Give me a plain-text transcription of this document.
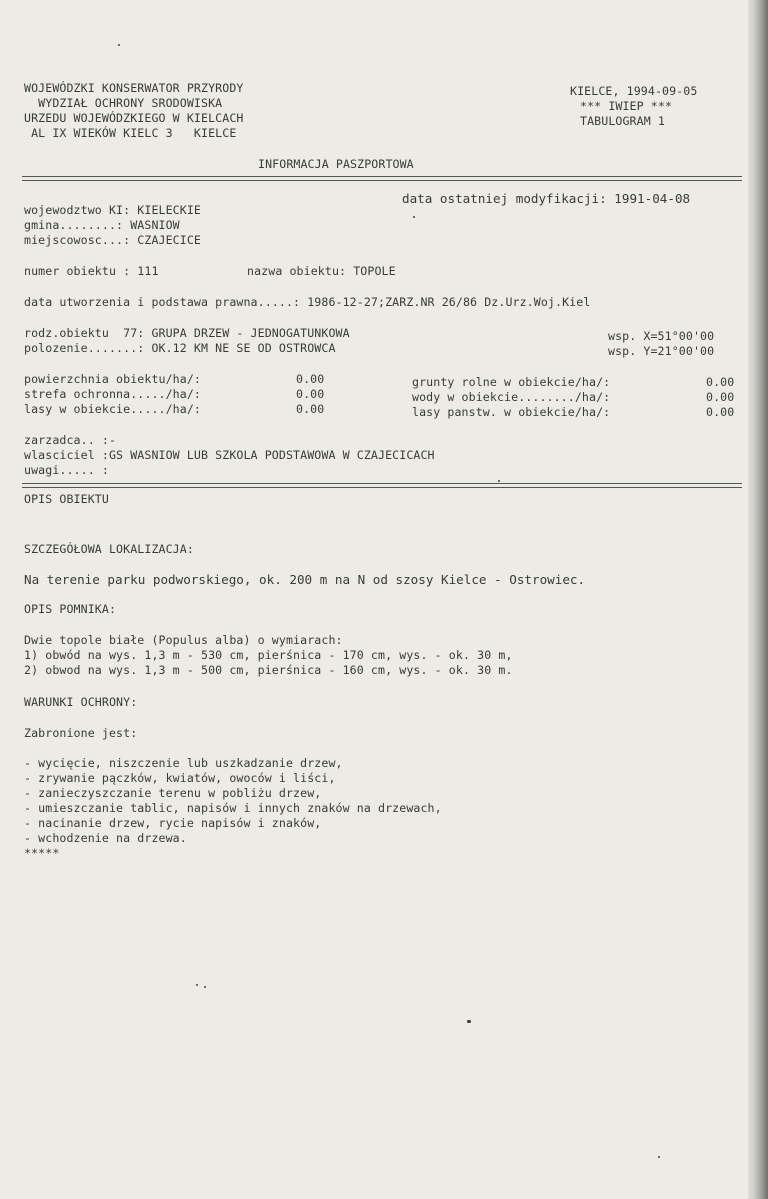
WOJEWÓDZKI KONSERWATOR PRZYRODY
WYDZIAŁ OCHRONY SRODOWISKA
URZEDU WOJEWÓDZKIEGO W KIELCACH
AL IX WIEKÓW KIELC 3   KIELCE
KIELCE, 1994-09-05
*** IWIEP ***
TABULOGRAM 1
INFORMACJA PASZPORTOWA
data ostatniej modyfikacji: 1991-04-08
wojewodztwo KI: KIELECKIE
gmina........: WASNIOW
miejscowosc...: CZAJECICE
numer obiektu : 111	nazwa obiektu: TOPOLE
data utworzenia i podstawa prawna.....: 1986-12-27;ZARZ.NR 26/86 Dz.Urz.Woj.Kiel
rodz.obiektu  77: GRUPA DRZEW - JEDNOGATUNKOWA
polozenie.......: OK.12 KM NE SE OD OSTROWCA
wsp. X=51°00'00
wsp. Y=21°00'00
powierzchnia obiektu/ha/:	0.00
strefa ochronna...../ha/:	0.00
lasy w obiekcie...../ha/:	0.00
grunty rolne w obiekcie/ha/:	0.00
wody w obiekcie......../ha/:	0.00
lasy panstw. w obiekcie/ha/:	0.00
zarzadca.. :-
wlasciciel :GS WASNIOW LUB SZKOLA PODSTAWOWA W CZAJECICACH
uwagi..... :
OPIS OBIEKTU
SZCZEGÓŁOWA LOKALIZACJA:
Na terenie parku podworskiego, ok. 200 m na N od szosy Kielce - Ostrowiec.
OPIS POMNIKA:
Dwie topole białe (Populus alba) o wymiarach:
1) obwód na wys. 1,3 m - 530 cm, pierśnica - 170 cm, wys. - ok. 30 m,
2) obwod na wys. 1,3 m - 500 cm, pierśnica - 160 cm, wys. - ok. 30 m.
WARUNKI OCHRONY:
Zabronione jest:
- wycięcie, niszczenie lub uszkadzanie drzew,
- zrywanie pączków, kwiatów, owoców i liści,
- zanieczyszczanie terenu w pobliżu drzew,
- umieszczanie tablic, napisów i innych znaków na drzewach,
- nacinanie drzew, rycie napisów i znaków,
- wchodzenie na drzewa.
*****
